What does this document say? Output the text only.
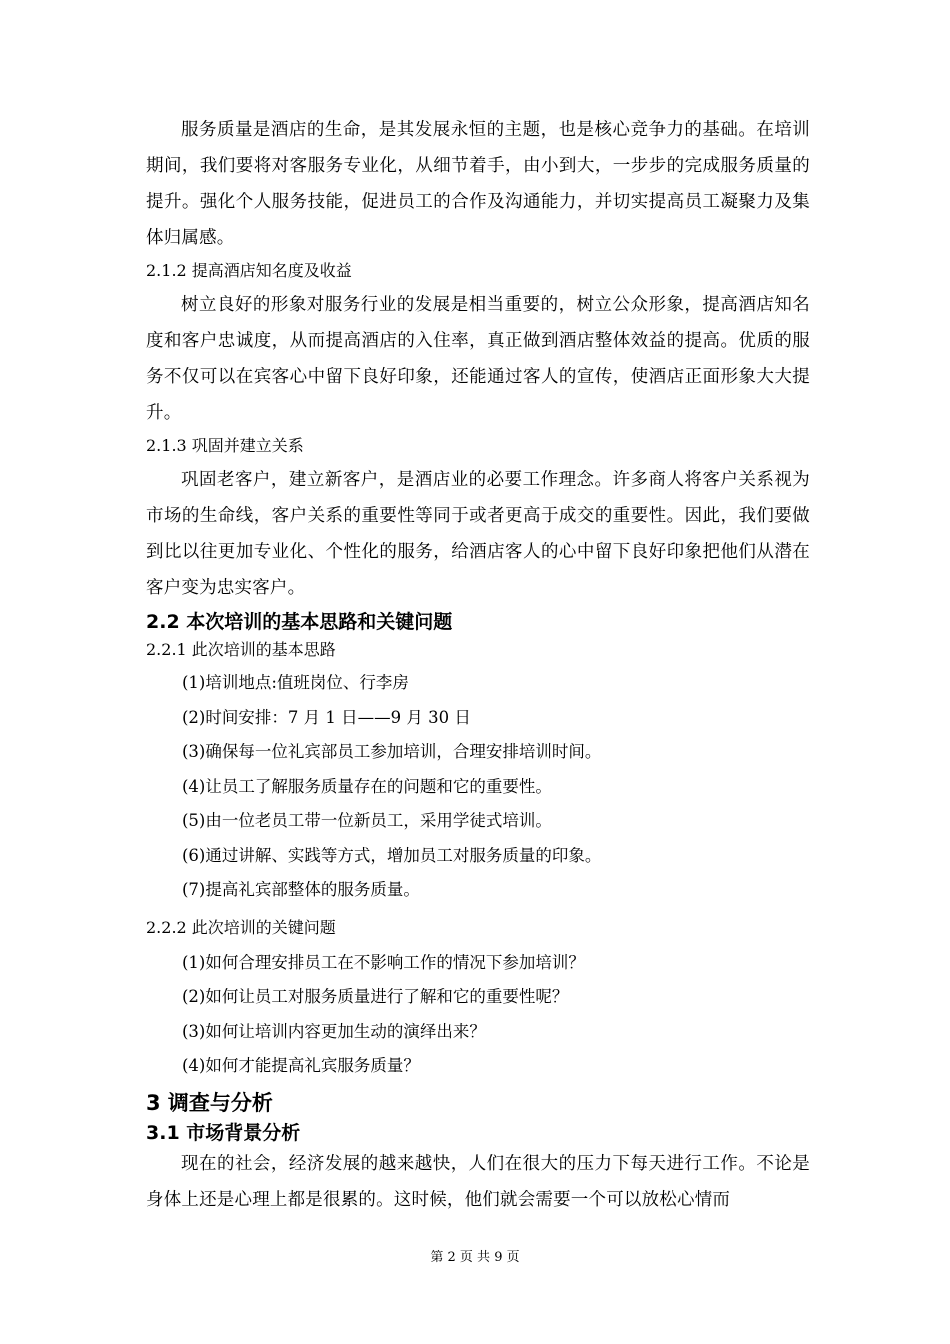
服务质量是酒店的生命，是其发展永恒的主题，也是核心竞争力的基础。在培训期间，我们要将对客服务专业化，从细节着手，由小到大，一步步的完成服务质量的提升。强化个人服务技能，促进员工的合作及沟通能力，并切实提高员工凝聚力及集体归属感。

2.1.2 提高酒店知名度及收益

树立良好的形象对服务行业的发展是相当重要的，树立公众形象，提高酒店知名度和客户忠诚度，从而提高酒店的入住率，真正做到酒店整体效益的提高。优质的服务不仅可以在宾客心中留下良好印象，还能通过客人的宣传，使酒店正面形象大大提升。

2.1.3 巩固并建立关系

巩固老客户，建立新客户，是酒店业的必要工作理念。许多商人将客户关系视为市场的生命线，客户关系的重要性等同于或者更高于成交的重要性。因此，我们要做到比以往更加专业化、个性化的服务，给酒店客人的心中留下良好印象把他们从潜在客户变为忠实客户。

2.2 本次培训的基本思路和关键问题

2.2.1 此次培训的基本思路

(1)培训地点:值班岗位、行李房

(2)时间安排：7 月 1 日——9 月 30 日

(3)确保每一位礼宾部员工参加培训，合理安排培训时间。

(4)让员工了解服务质量存在的问题和它的重要性。

(5)由一位老员工带一位新员工，采用学徒式培训。

(6)通过讲解、实践等方式，增加员工对服务质量的印象。

(7)提高礼宾部整体的服务质量。

2.2.2 此次培训的关键问题

(1)如何合理安排员工在不影响工作的情况下参加培训？

(2)如何让员工对服务质量进行了解和它的重要性呢？

(3)如何让培训内容更加生动的演绎出来？

(4)如何才能提高礼宾服务质量？

3 调查与分析

3.1 市场背景分析

现在的社会，经济发展的越来越快，人们在很大的压力下每天进行工作。不论是身体上还是心理上都是很累的。这时候，他们就会需要一个可以放松心情而

第 2 页 共 9 页
